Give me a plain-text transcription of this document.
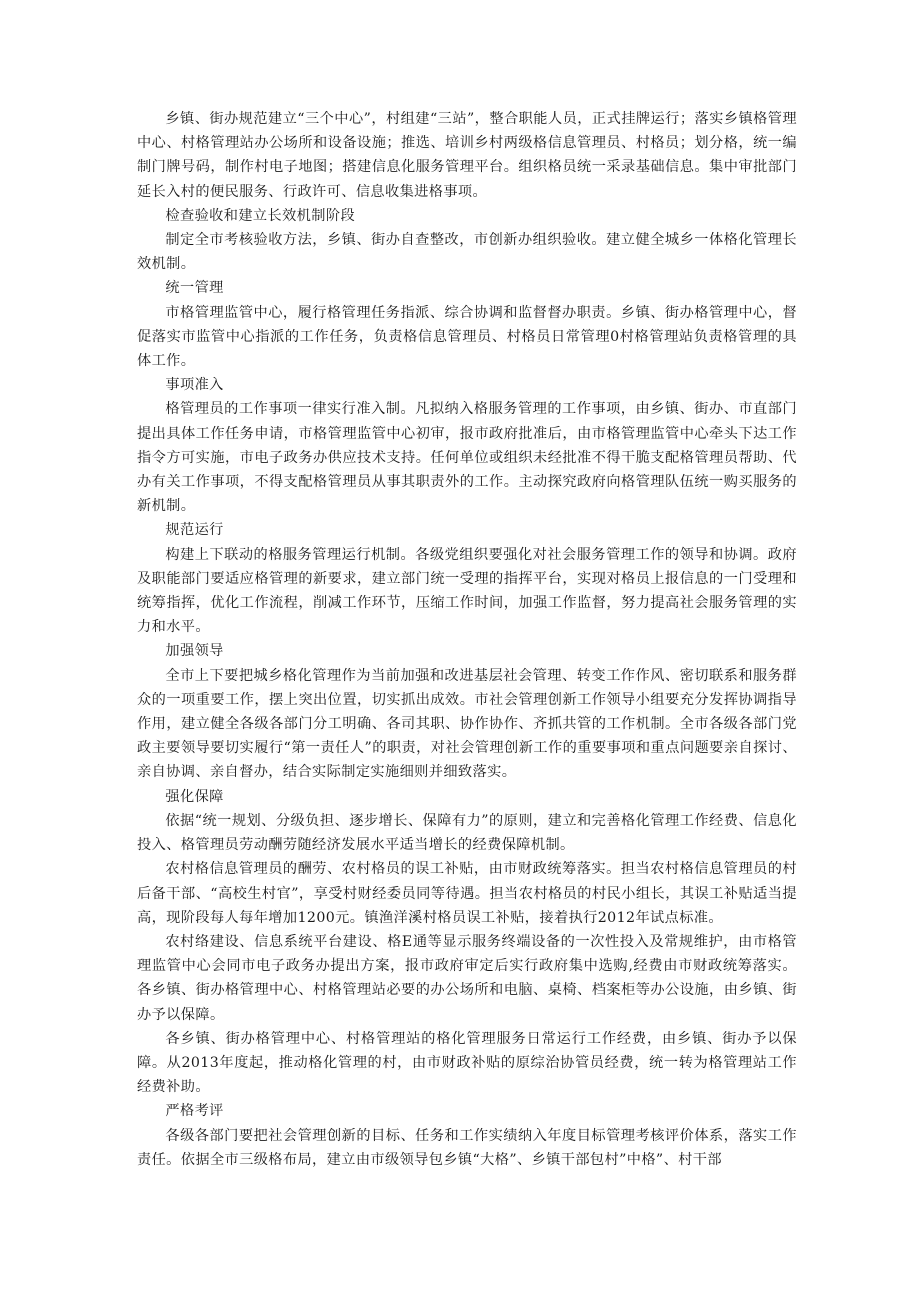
乡镇、街办规范建立“三个中心”，村组建“三站”，整合职能人员，正式挂牌运行；落实乡镇格管理中心、村格管理站办公场所和设备设施；推选、培训乡村两级格信息管理员、村格员；划分格，统一编制门牌号码，制作村电子地图；搭建信息化服务管理平台。组织格员统一采录基础信息。集中审批部门延长入村的便民服务、行政许可、信息收集进格事项。

检查验收和建立长效机制阶段

制定全市考核验收方法，乡镇、街办自查整改，市创新办组织验收。建立健全城乡一体格化管理长效机制。

统一管理

市格管理监管中心，履行格管理任务指派、综合协调和监督督办职责。乡镇、街办格管理中心，督促落实市监管中心指派的工作任务，负责格信息管理员、村格员日常管理0村格管理站负责格管理的具体工作。

事项准入

格管理员的工作事项一律实行准入制。凡拟纳入格服务管理的工作事项，由乡镇、街办、市直部门提出具体工作任务申请，市格管理监管中心初审，报市政府批准后，由市格管理监管中心牵头下达工作指令方可实施，市电子政务办供应技术支持。任何单位或组织未经批准不得干脆支配格管理员帮助、代办有关工作事项，不得支配格管理员从事其职责外的工作。主动探究政府向格管理队伍统一购买服务的新机制。

规范运行

构建上下联动的格服务管理运行机制。各级党组织要强化对社会服务管理工作的领导和协调。政府及职能部门要适应格管理的新要求，建立部门统一受理的指挥平台，实现对格员上报信息的一门受理和统筹指挥，优化工作流程，削减工作环节，压缩工作时间，加强工作监督，努力提高社会服务管理的实力和水平。

加强领导

全市上下要把城乡格化管理作为当前加强和改进基层社会管理、转变工作作风、密切联系和服务群众的一项重要工作，摆上突出位置，切实抓出成效。市社会管理创新工作领导小组要充分发挥协调指导作用，建立健全各级各部门分工明确、各司其职、协作协作、齐抓共管的工作机制。全市各级各部门党政主要领导要切实履行“第一责任人”的职责，对社会管理创新工作的重要事项和重点问题要亲自探讨、亲自协调、亲自督办，结合实际制定实施细则并细致落实。

强化保障

依据“统一规划、分级负担、逐步增长、保障有力”的原则，建立和完善格化管理工作经费、信息化投入、格管理员劳动酬劳随经济发展水平适当增长的经费保障机制。

农村格信息管理员的酬劳、农村格员的误工补贴，由市财政统筹落实。担当农村格信息管理员的村后备干部、“高校生村官”，享受村财经委员同等待遇。担当农村格员的村民小组长，其误工补贴适当提高，现阶段每人每年增加1200元。镇渔洋溪村格员误工补贴，接着执行2012年试点标准。

农村络建设、信息系统平台建设、格E通等显示服务终端设备的一次性投入及常规维护，由市格管理监管中心会同市电子政务办提出方案，报市政府审定后实行政府集中选购,经费由市财政统筹落实。各乡镇、街办格管理中心、村格管理站必要的办公场所和电脑、桌椅、档案柜等办公设施，由乡镇、街办予以保障。

各乡镇、街办格管理中心、村格管理站的格化管理服务日常运行工作经费，由乡镇、街办予以保障。从2013年度起，推动格化管理的村，由市财政补贴的原综治协管员经费，统一转为格管理站工作经费补助。

严格考评

各级各部门要把社会管理创新的目标、任务和工作实绩纳入年度目标管理考核评价体系，落实工作责任。依据全市三级格布局，建立由市级领导包乡镇“大格”、乡镇干部包村”中格”、村干部
